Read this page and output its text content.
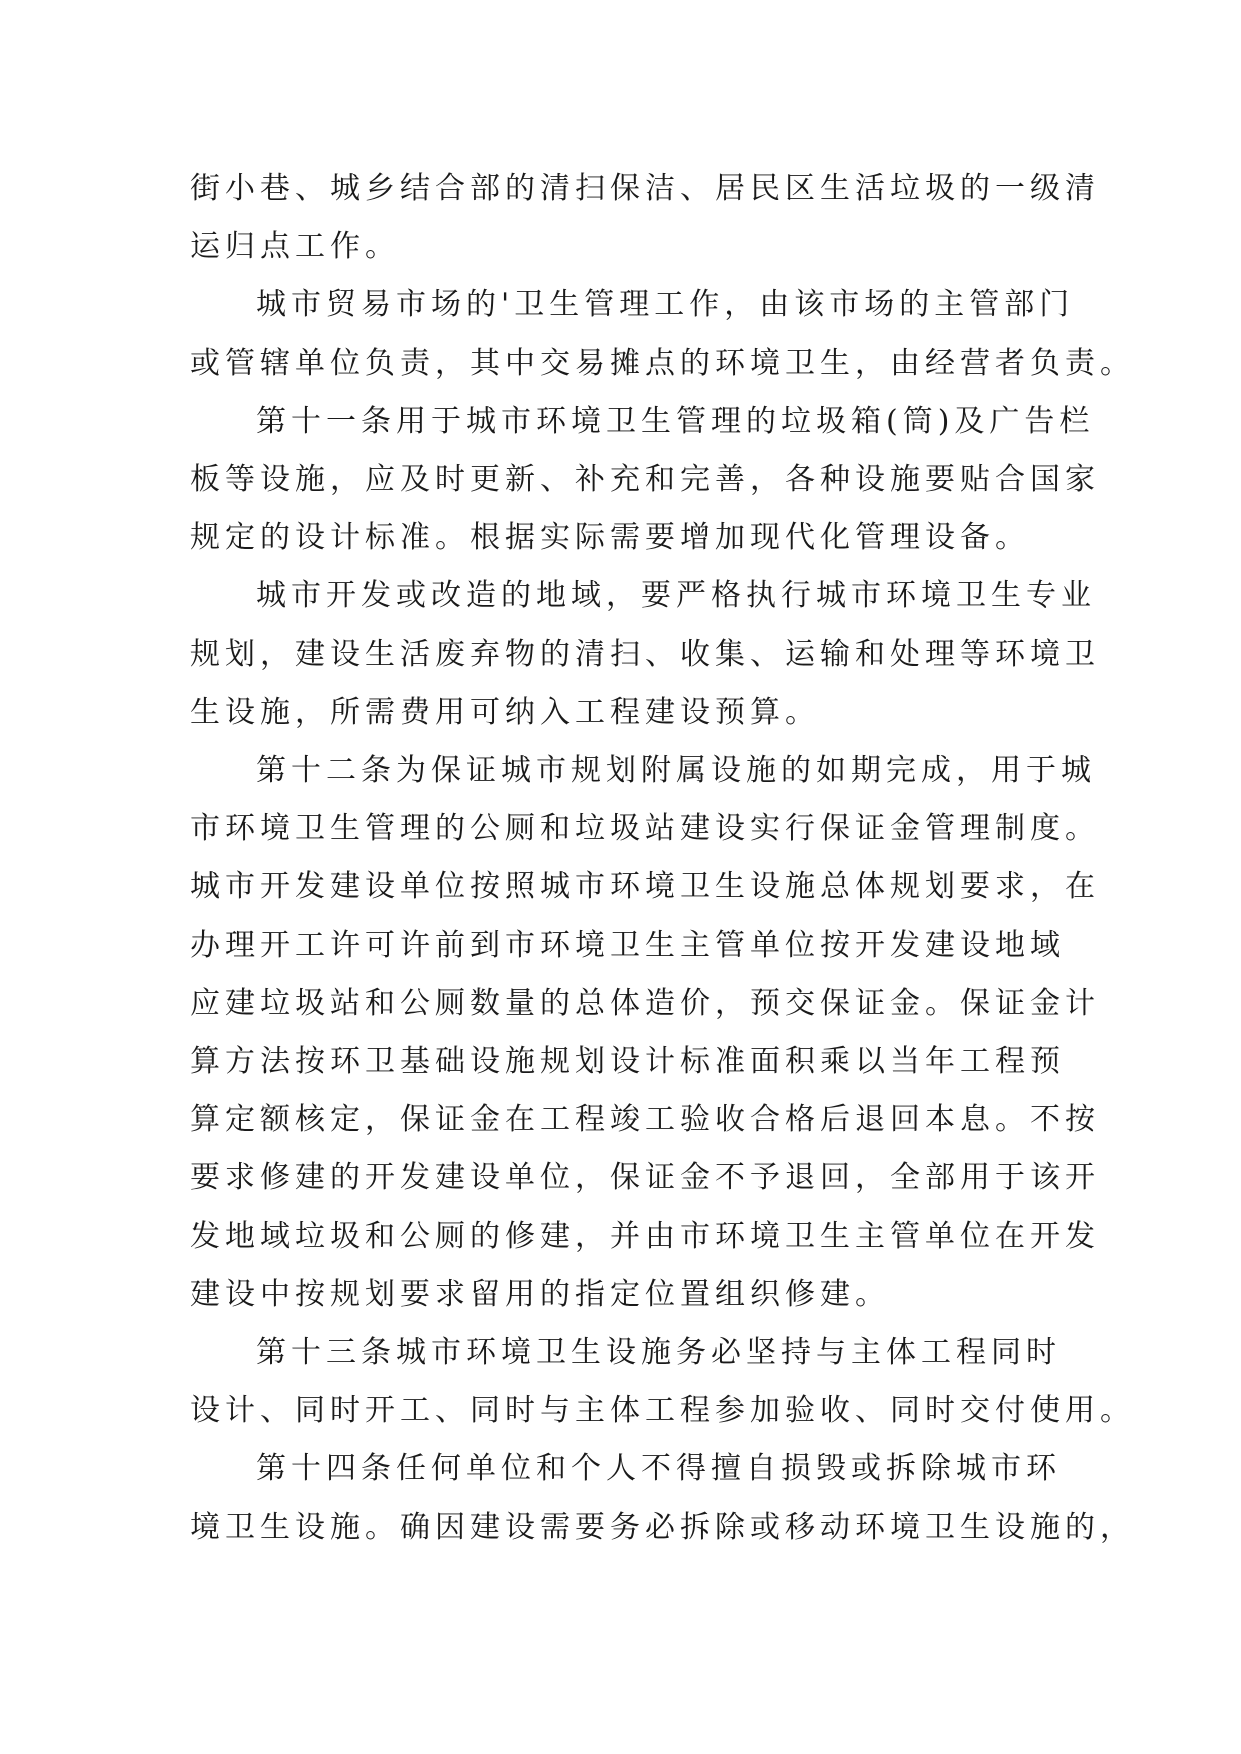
街小巷、城乡结合部的清扫保洁、居民区生活垃圾的一级清
运归点工作。
城市贸易市场的'卫生管理工作，由该市场的主管部门
或管辖单位负责，其中交易摊点的环境卫生，由经营者负责。
第十一条用于城市环境卫生管理的垃圾箱(筒)及广告栏
板等设施，应及时更新、补充和完善，各种设施要贴合国家
规定的设计标准。根据实际需要增加现代化管理设备。
城市开发或改造的地域，要严格执行城市环境卫生专业
规划，建设生活废弃物的清扫、收集、运输和处理等环境卫
生设施，所需费用可纳入工程建设预算。
第十二条为保证城市规划附属设施的如期完成，用于城
市环境卫生管理的公厕和垃圾站建设实行保证金管理制度。
城市开发建设单位按照城市环境卫生设施总体规划要求，在
办理开工许可许前到市环境卫生主管单位按开发建设地域
应建垃圾站和公厕数量的总体造价，预交保证金。保证金计
算方法按环卫基础设施规划设计标准面积乘以当年工程预
算定额核定，保证金在工程竣工验收合格后退回本息。不按
要求修建的开发建设单位，保证金不予退回，全部用于该开
发地域垃圾和公厕的修建，并由市环境卫生主管单位在开发
建设中按规划要求留用的指定位置组织修建。
第十三条城市环境卫生设施务必坚持与主体工程同时
设计、同时开工、同时与主体工程参加验收、同时交付使用。
第十四条任何单位和个人不得擅自损毁或拆除城市环
境卫生设施。确因建设需要务必拆除或移动环境卫生设施的，
